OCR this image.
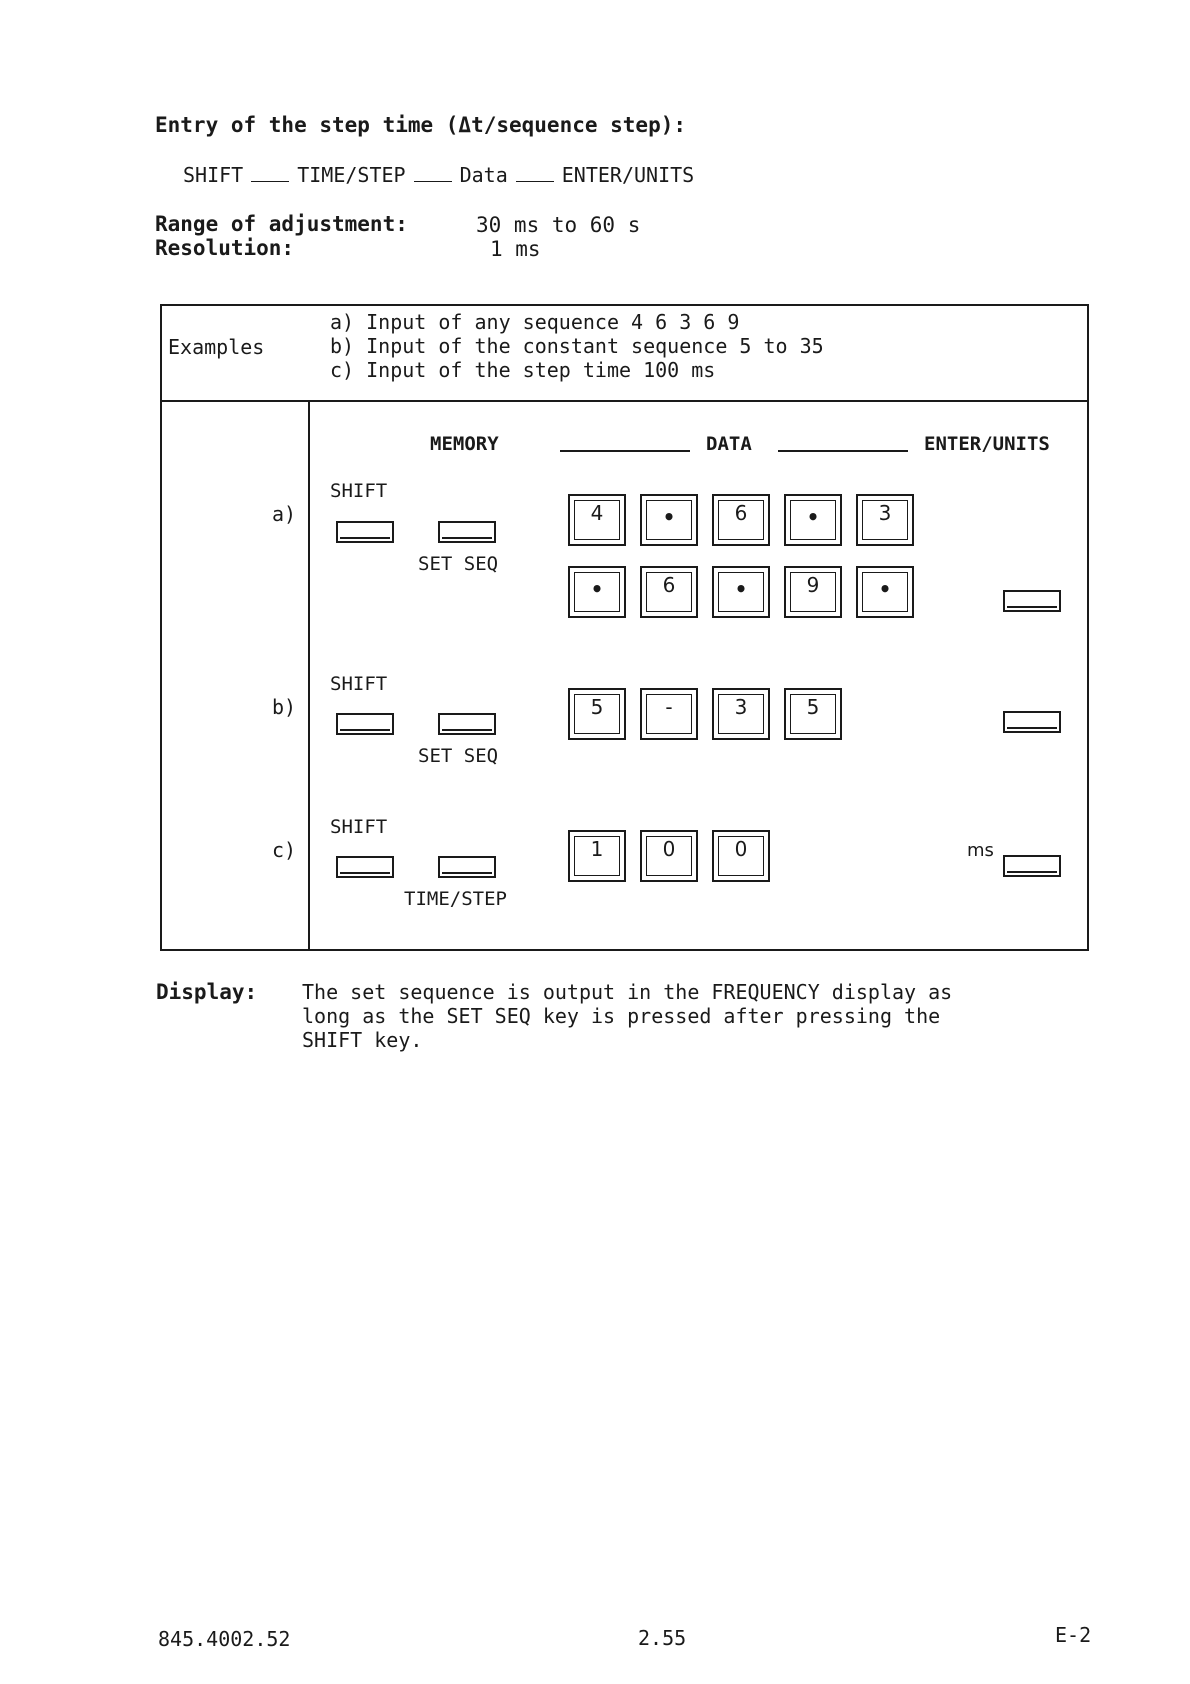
Entry of the step time (Δt/sequence step):
SHIFT	TIME/STEP	Data	ENTER/UNITS
Range of adjustment:	30 ms to 60 s
Resolution:	1 ms
Examples
a) Input of any sequence 4 6 3 6 9
b) Input of the constant sequence 5 to 35
c) Input of the step time 100 ms
MEMORY	DATA	ENTER/UNITS
a)
SHIFT
SET SEQ
4	•	6	•	3
•	6	•	9	•
b)
SHIFT
SET SEQ
5	-	3	5
c)
SHIFT
TIME/STEP
1	0	0	ms
Display: The set sequence is output in the FREQUENCY display as
long as the SET SEQ key is pressed after pressing the
SHIFT key.
845.4002.52	2.55	E-2
